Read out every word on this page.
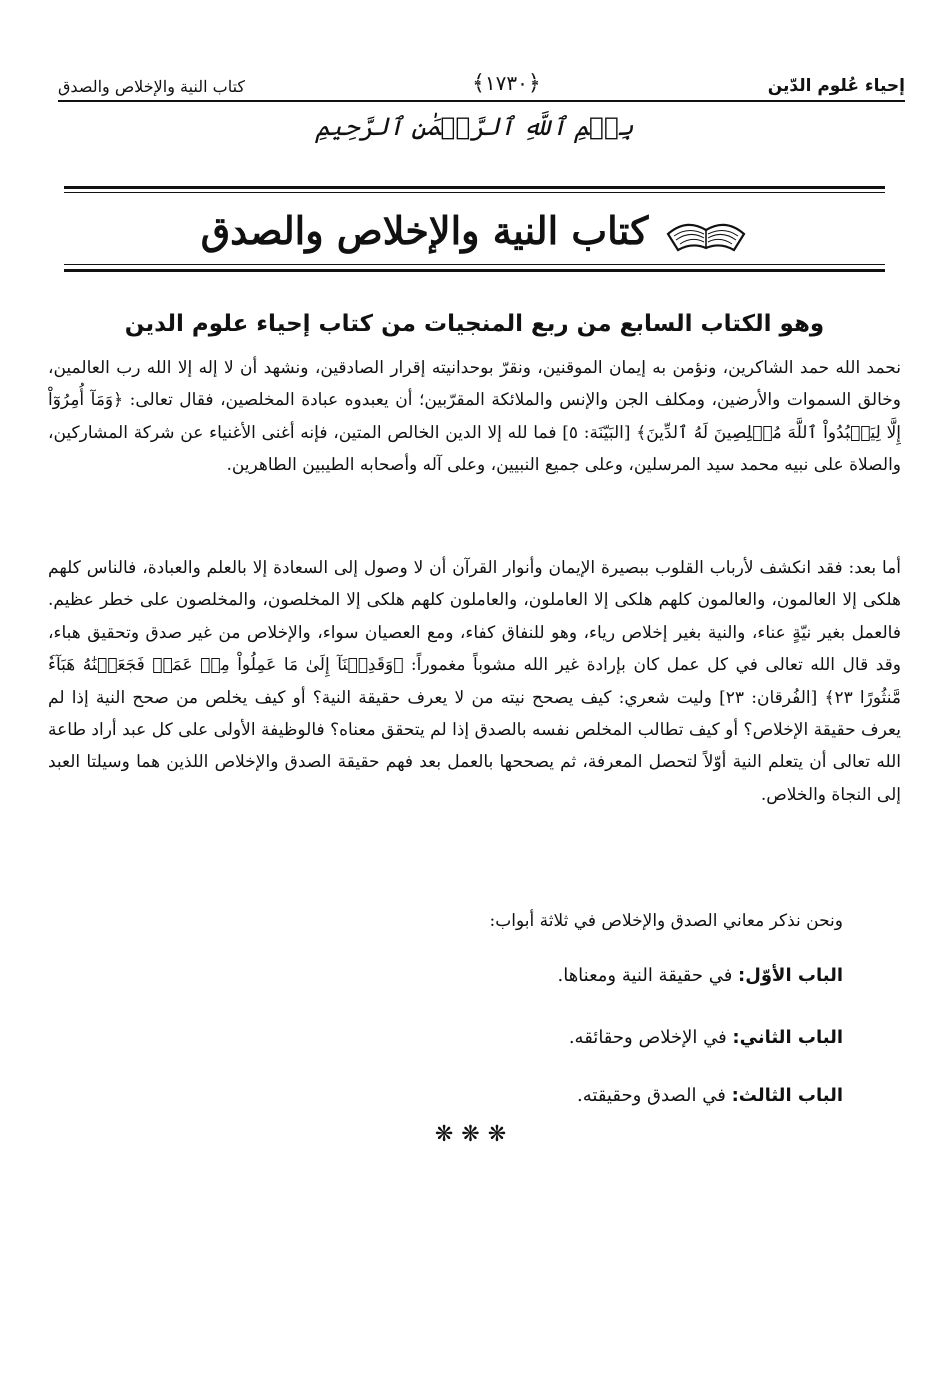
إحياء عُلوم الدّين
﴿١٧٣٠﴾
كتاب النية والإخلاص والصدق
بِسۡمِ ٱللَّهِ ٱلرَّحۡمَٰنِ ٱلرَّحِيمِ
كتاب النية والإخلاص والصدق
وهو الكتاب السابع من ربع المنجيات من كتاب إحياء علوم الدين
نحمد الله حمد الشاكرين، ونؤمن به إيمان الموقنين، ونقرّ بوحدانيته إقرار الصادقين، ونشهد أن لا إله إلا الله رب العالمين، وخالق السموات والأرضين، ومكلف الجن والإنس والملائكة المقرّبين؛ أن يعبدوه عبادة المخلصين، فقال تعالى: ﴿وَمَآ أُمِرُوٓاْ إِلَّا لِيَعۡبُدُواْ ٱللَّهَ مُخۡلِصِينَ لَهُ ٱلدِّينَ﴾ [البَيّنَة: ٥] فما لله إلا الدين الخالص المتين، فإنه أغنى الأغنياء عن شركة المشاركين، والصلاة على نبيه محمد سيد المرسلين، وعلى جميع النبيين، وعلى آله وأصحابه الطيبين الطاهرين.
أما بعد: فقد انكشف لأرباب القلوب ببصيرة الإيمان وأنوار القرآن أن لا وصول إلى السعادة إلا بالعلم والعبادة، فالناس كلهم هلكى إلا العالمون، والعالمون كلهم هلكى إلا العاملون، والعاملون كلهم هلكى إلا المخلصون، والمخلصون على خطر عظيم. فالعمل بغير نيّةٍ عناء، والنية بغير إخلاص رياء، وهو للنفاق كفاء، ومع العصيان سواء، والإخلاص من غير صدق وتحقيق هباء، وقد قال الله تعالى في كل عمل كان بإرادة غير الله مشوباً مغموراً: ﴿وَقَدِمۡنَآ إِلَىٰ مَا عَمِلُواْ مِنۡ عَمَلٖ فَجَعَلۡنَٰهُ هَبَآءٗ مَّنثُورًا ٢٣﴾ [الفُرقان: ٢٣] وليت شعري: كيف يصحح نيته من لا يعرف حقيقة النية؟ أو كيف يخلص من صحح النية إذا لم يعرف حقيقة الإخلاص؟ أو كيف تطالب المخلص نفسه بالصدق إذا لم يتحقق معناه؟ فالوظيفة الأولى على كل عبد أراد طاعة الله تعالى أن يتعلم النية أوّلاً لتحصل المعرفة، ثم يصححها بالعمل بعد فهم حقيقة الصدق والإخلاص اللذين هما وسيلتا العبد إلى النجاة والخلاص.
ونحن نذكر معاني الصدق والإخلاص في ثلاثة أبواب:
الباب الأوّل: في حقيقة النية ومعناها.
الباب الثاني: في الإخلاص وحقائقه.
الباب الثالث: في الصدق وحقيقته.
❋❋❋
